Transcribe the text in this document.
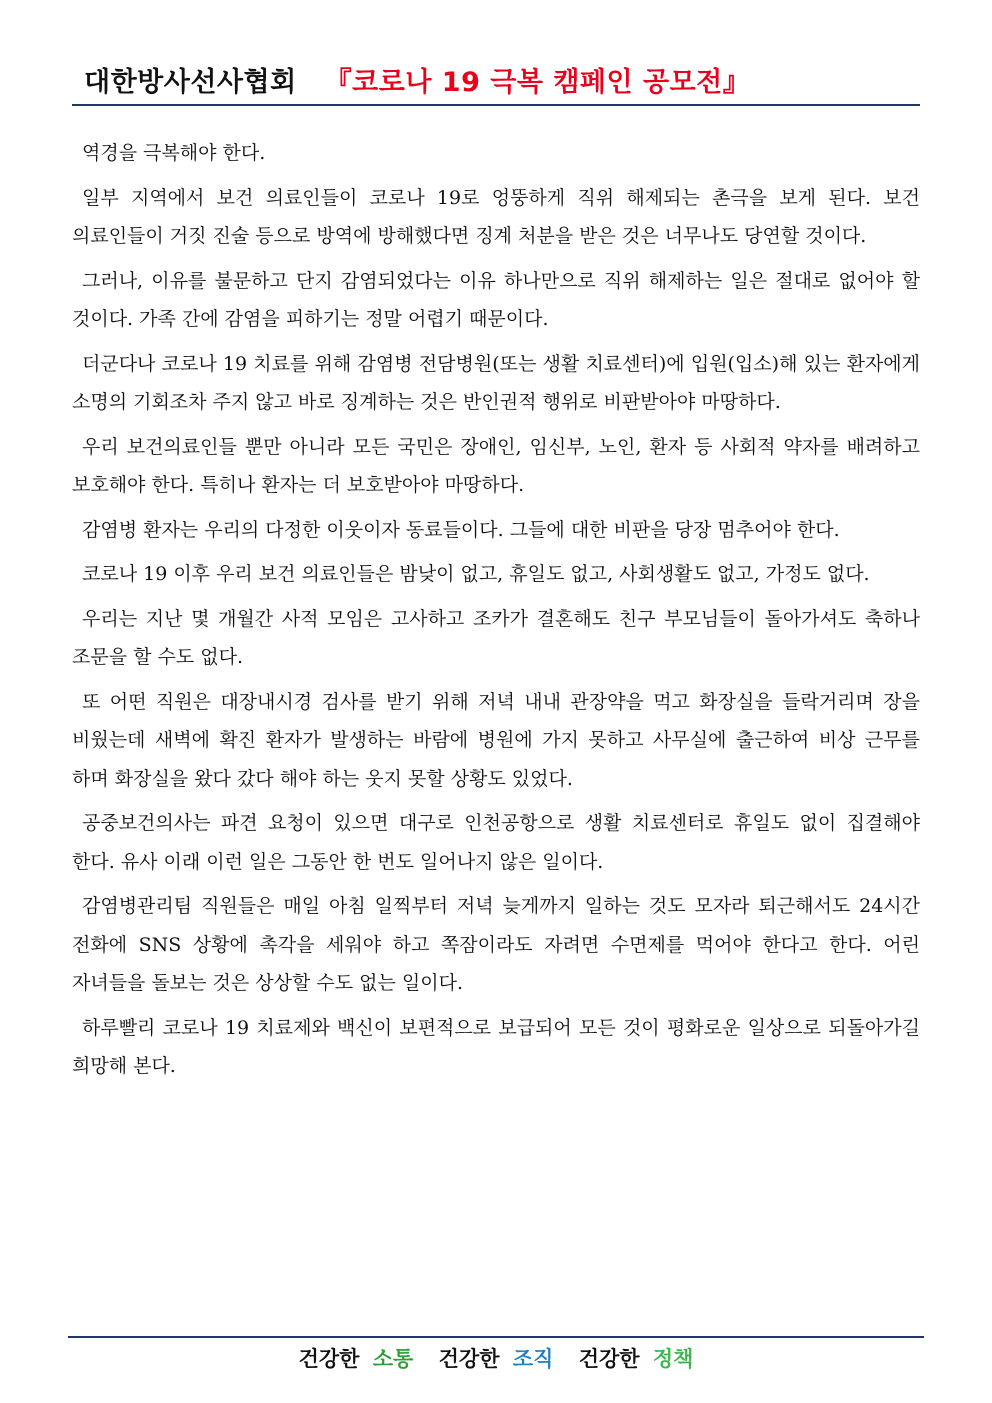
대한방사선사협회 『코로나 19 극복 캠페인 공모전』

역경을 극복해야 한다.

일부 지역에서 보건 의료인들이 코로나 19로 엉뚱하게 직위 해제되는 촌극을 보게 된다. 보건 의료인들이 거짓 진술 등으로 방역에 방해했다면 징계 처분을 받은 것은 너무나도 당연할 것이다.

그러나, 이유를 불문하고 단지 감염되었다는 이유 하나만으로 직위 해제하는 일은 절대로 없어야 할 것이다. 가족 간에 감염을 피하기는 정말 어렵기 때문이다.

더군다나 코로나 19 치료를 위해 감염병 전담병원(또는 생활 치료센터)에 입원(입소)해 있는 환자에게 소명의 기회조차 주지 않고 바로 징계하는 것은 반인권적 행위로 비판받아야 마땅하다.

우리 보건의료인들 뿐만 아니라 모든 국민은 장애인, 임신부, 노인, 환자 등 사회적 약자를 배려하고 보호해야 한다. 특히나 환자는 더 보호받아야 마땅하다.

감염병 환자는 우리의 다정한 이웃이자 동료들이다. 그들에 대한 비판을 당장 멈추어야 한다.

코로나 19 이후 우리 보건 의료인들은 밤낮이 없고, 휴일도 없고, 사회생활도 없고, 가정도 없다.

우리는 지난 몇 개월간 사적 모임은 고사하고 조카가 결혼해도 친구 부모님들이 돌아가셔도 축하나 조문을 할 수도 없다.

또 어떤 직원은 대장내시경 검사를 받기 위해 저녁 내내 관장약을 먹고 화장실을 들락거리며 장을 비웠는데 새벽에 확진 환자가 발생하는 바람에 병원에 가지 못하고 사무실에 출근하여 비상 근무를 하며 화장실을 왔다 갔다 해야 하는 웃지 못할 상황도 있었다.

공중보건의사는 파견 요청이 있으면 대구로 인천공항으로 생활 치료센터로 휴일도 없이 집결해야 한다. 유사 이래 이런 일은 그동안 한 번도 일어나지 않은 일이다.

감염병관리팀 직원들은 매일 아침 일찍부터 저녁 늦게까지 일하는 것도 모자라 퇴근해서도 24시간 전화에 SNS 상황에 촉각을 세워야 하고 쪽잠이라도 자려면 수면제를 먹어야 한다고 한다. 어린 자녀들을 돌보는 것은 상상할 수도 없는 일이다.

하루빨리 코로나 19 치료제와 백신이 보편적으로 보급되어 모든 것이 평화로운 일상으로 되돌아가길 희망해 본다.

건강한 소통 건강한 조직 건강한 정책
